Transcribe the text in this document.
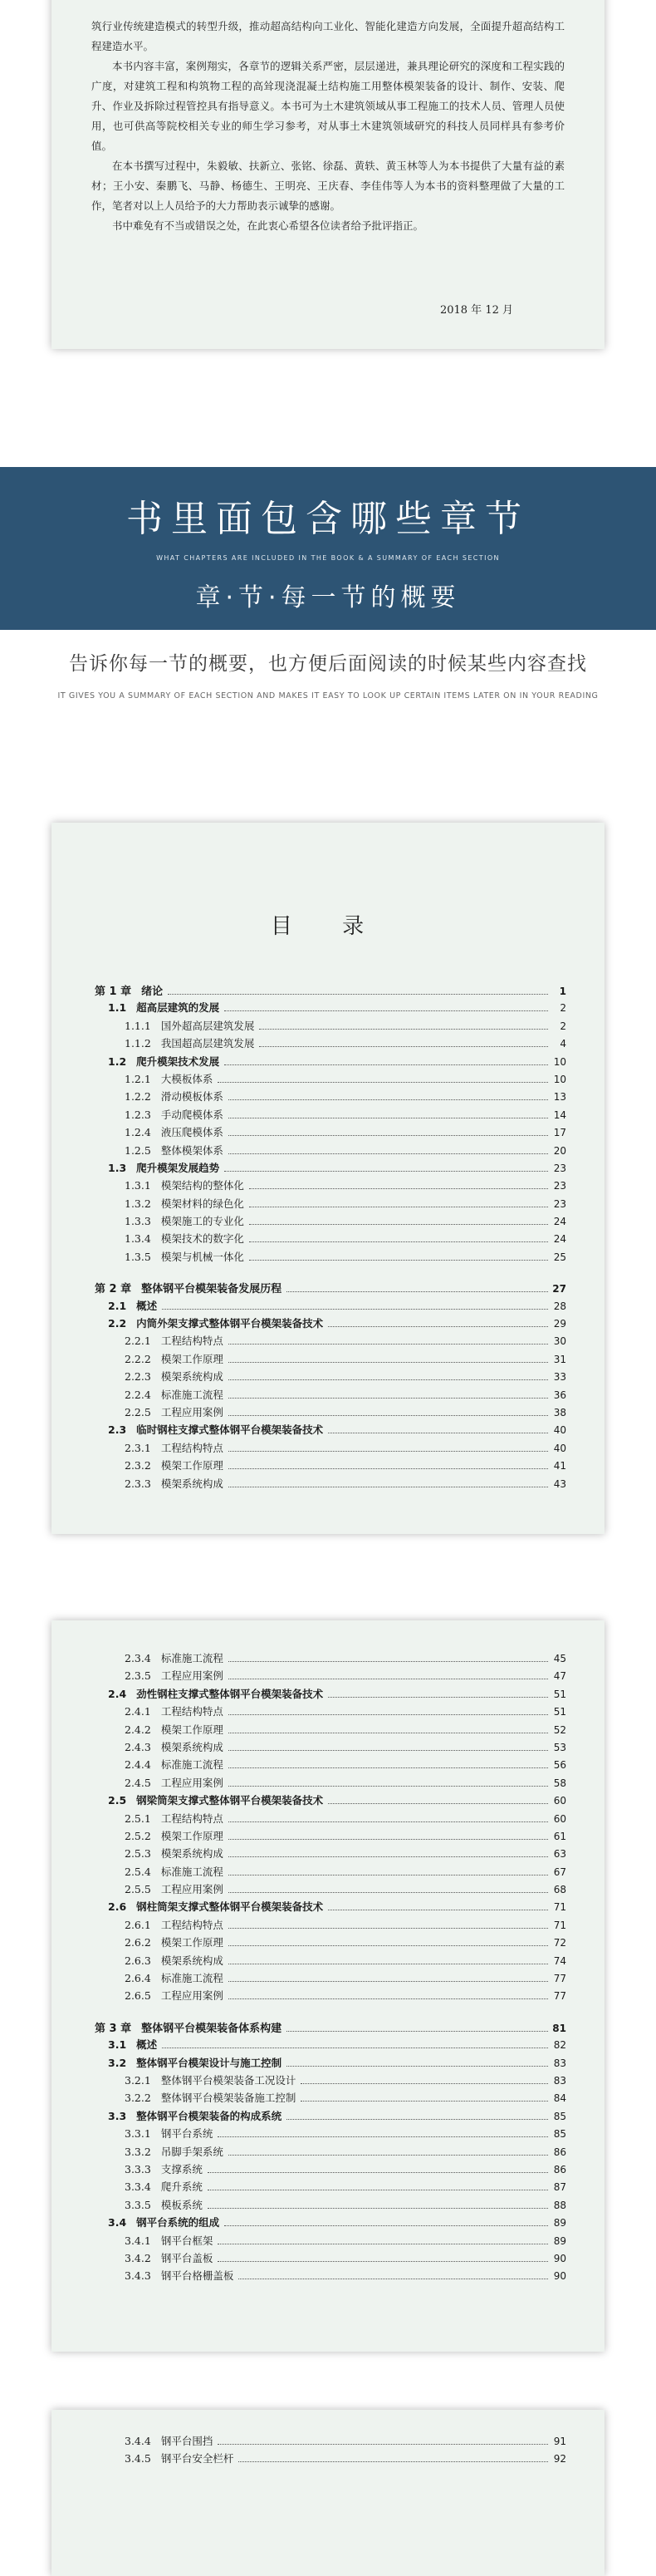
筑行业传统建造模式的转型升级，推动超高结构向工业化、智能化建造方向发展，全面提升超高结构工程建造水平。

本书内容丰富，案例翔实，各章节的逻辑关系严密，层层递进，兼具理论研究的深度和工程实践的广度，对建筑工程和构筑物工程的高耸现浇混凝土结构施工用整体模架装备的设计、制作、安装、爬升、作业及拆除过程管控具有指导意义。本书可为土木建筑领域从事工程施工的技术人员、管理人员使用，也可供高等院校相关专业的师生学习参考，对从事土木建筑领域研究的科技人员同样具有参考价值。

在本书撰写过程中，朱毅敏、扶新立、张铭、徐磊、黄轶、黄玉林等人为本书提供了大量有益的素材；王小安、秦鹏飞、马静、杨德生、王明亮、王庆春、李佳伟等人为本书的资料整理做了大量的工作，笔者对以上人员给予的大力帮助表示诚挚的感谢。

书中难免有不当或错误之处，在此衷心希望各位读者给予批评指正。

2018 年 12 月
书里面包含哪些章节
WHAT CHAPTERS ARE INCLUDED IN THE BOOK & A SUMMARY OF EACH SECTION
章·节·每一节的概要
告诉你每一节的概要，也方便后面阅读的时候某些内容查找
IT GIVES YOU A SUMMARY OF EACH SECTION AND MAKES IT EASY TO LOOK UP CERTAIN ITEMS LATER ON IN YOUR READING
目 录
第 1 章 绪论	1
1.1 超高层建筑的发展	2
1.1.1 国外超高层建筑发展	2
1.1.2 我国超高层建筑发展	4
1.2 爬升模架技术发展	10
1.2.1 大模板体系	10
1.2.2 滑动模板体系	13
1.2.3 手动爬模体系	14
1.2.4 液压爬模体系	17
1.2.5 整体模架体系	20
1.3 爬升模架发展趋势	23
1.3.1 模架结构的整体化	23
1.3.2 模架材料的绿色化	23
1.3.3 模架施工的专业化	24
1.3.4 模架技术的数字化	24
1.3.5 模架与机械一体化	25
第 2 章 整体钢平台模架装备发展历程	27
2.1 概述	28
2.2 内筒外架支撑式整体钢平台模架装备技术	29
2.2.1 工程结构特点	30
2.2.2 模架工作原理	31
2.2.3 模架系统构成	33
2.2.4 标准施工流程	36
2.2.5 工程应用案例	38
2.3 临时钢柱支撑式整体钢平台模架装备技术	40
2.3.1 工程结构特点	40
2.3.2 模架工作原理	41
2.3.3 模架系统构成	43
2.3.4 标准施工流程	45
2.3.5 工程应用案例	47
2.4 劲性钢柱支撑式整体钢平台模架装备技术	51
2.4.1 工程结构特点	51
2.4.2 模架工作原理	52
2.4.3 模架系统构成	53
2.4.4 标准施工流程	56
2.4.5 工程应用案例	58
2.5 钢梁筒架支撑式整体钢平台模架装备技术	60
2.5.1 工程结构特点	60
2.5.2 模架工作原理	61
2.5.3 模架系统构成	63
2.5.4 标准施工流程	67
2.5.5 工程应用案例	68
2.6 钢柱筒架支撑式整体钢平台模架装备技术	71
2.6.1 工程结构特点	71
2.6.2 模架工作原理	72
2.6.3 模架系统构成	74
2.6.4 标准施工流程	77
2.6.5 工程应用案例	77
第 3 章 整体钢平台模架装备体系构建	81
3.1 概述	82
3.2 整体钢平台模架设计与施工控制	83
3.2.1 整体钢平台模架装备工况设计	83
3.2.2 整体钢平台模架装备施工控制	84
3.3 整体钢平台模架装备的构成系统	85
3.3.1 钢平台系统	85
3.3.2 吊脚手架系统	86
3.3.3 支撑系统	86
3.3.4 爬升系统	87
3.3.5 模板系统	88
3.4 钢平台系统的组成	89
3.4.1 钢平台框架	89
3.4.2 钢平台盖板	90
3.4.3 钢平台格栅盖板	90
3.4.4 钢平台围挡	91
3.4.5 钢平台安全栏杆	92
